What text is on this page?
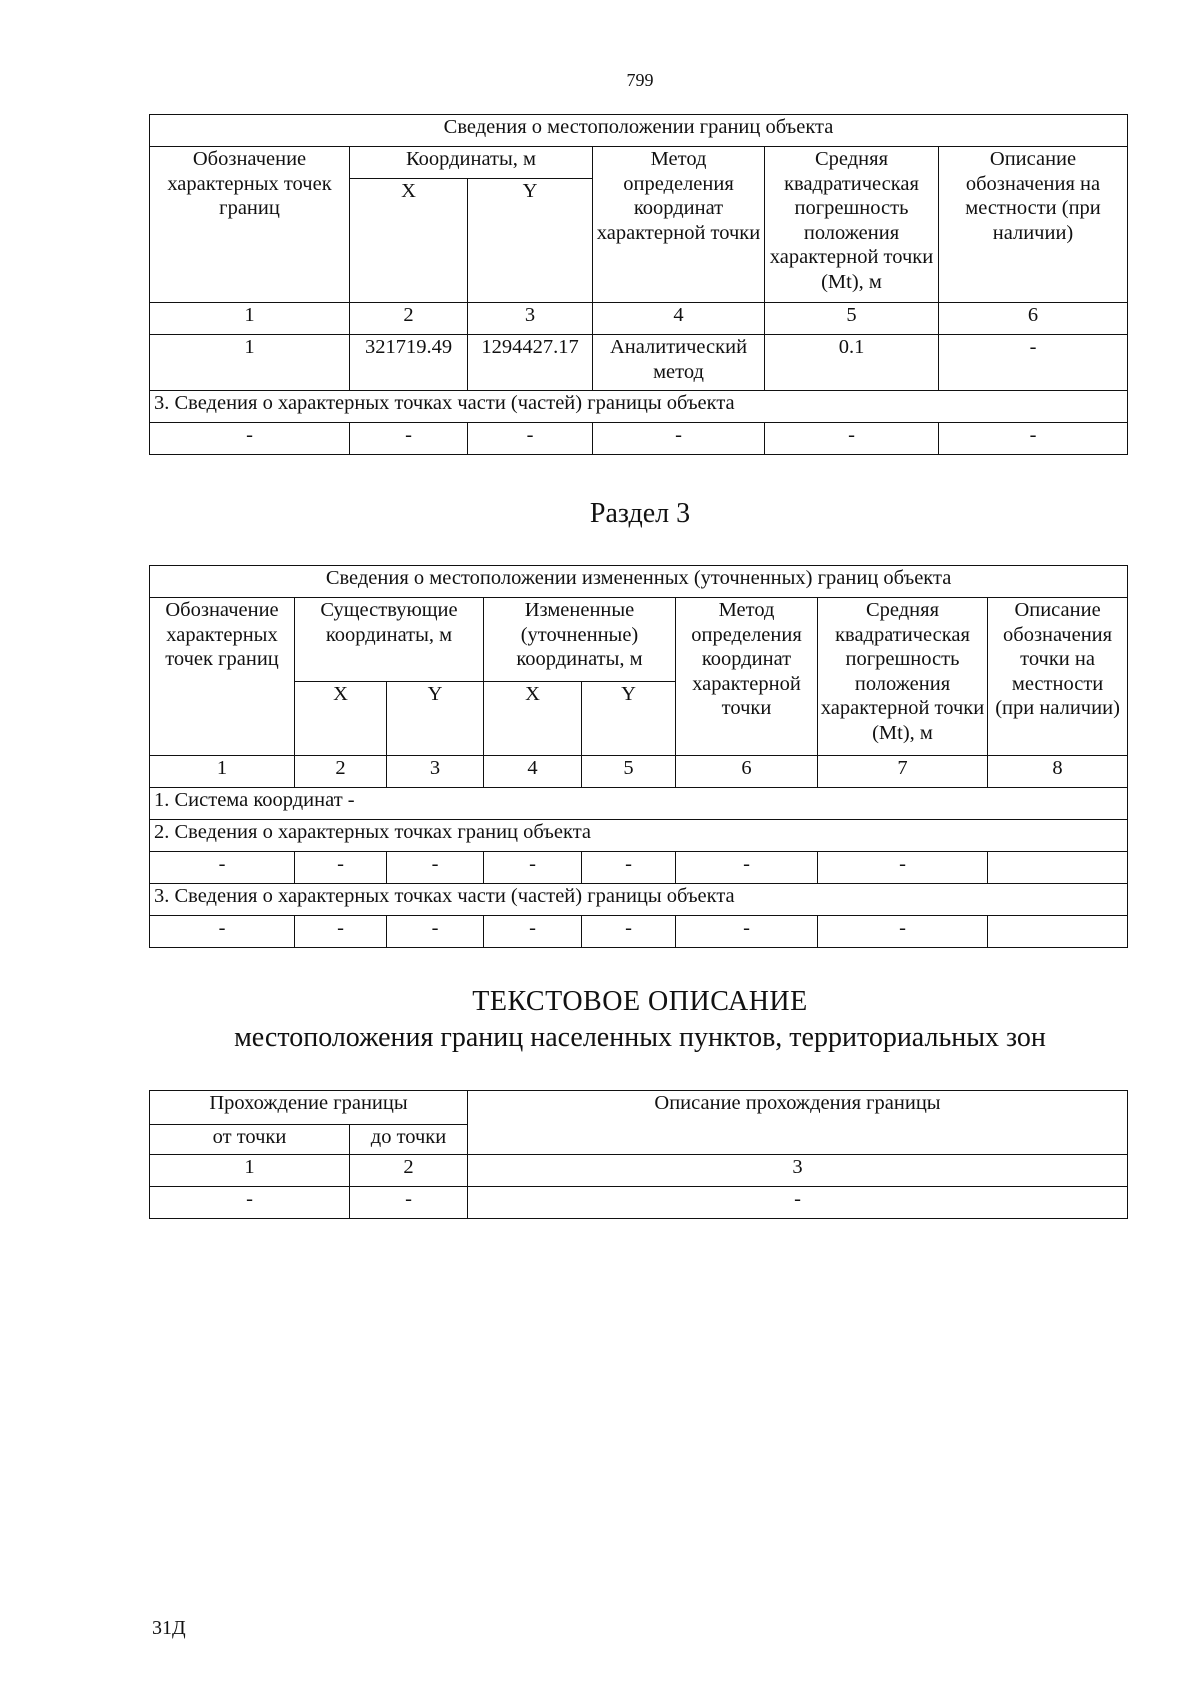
799
Сведения о местоположении границ объекта					
Обозначение характерных точек границ	Координаты, м		Метод определения координат характерной точки	Средняя квадратическая погрешность положения характерной точки (Mt), м	Описание обозначения на местности (при наличии)
	X	Y			
1	2	3	4	5	6
1	321719.49	1294427.17	Аналитический метод	0.1	-
3. Сведения о характерных точках части (частей) границы объекта					
-	-	-	-	-	-
Раздел 3
Сведения о местоположении измененных (уточненных) границ объекта							
Обозначение характерных точек границ	Существующие координаты, м		Измененные (уточненные) координаты, м		Метод определения координат характерной точки	Средняя квадратическая погрешность положения характерной точки (Mt), м	Описание обозначения точки на местности (при наличии)
	X	Y	X	Y			
1	2	3	4	5	6	7	8
1. Система координат -							
2. Сведения о характерных точках границ объекта							
-	-	-	-	-	-	-	
3. Сведения о характерных точках части (частей) границы объекта							
-	-	-	-	-	-	-	
ТЕКСТОВОЕ ОПИСАНИЕ
местоположения границ населенных пунктов, территориальных зон
Прохождение границы		Описание прохождения границы
от точки	до точки	
1	2	3
-	-	-
31Д
